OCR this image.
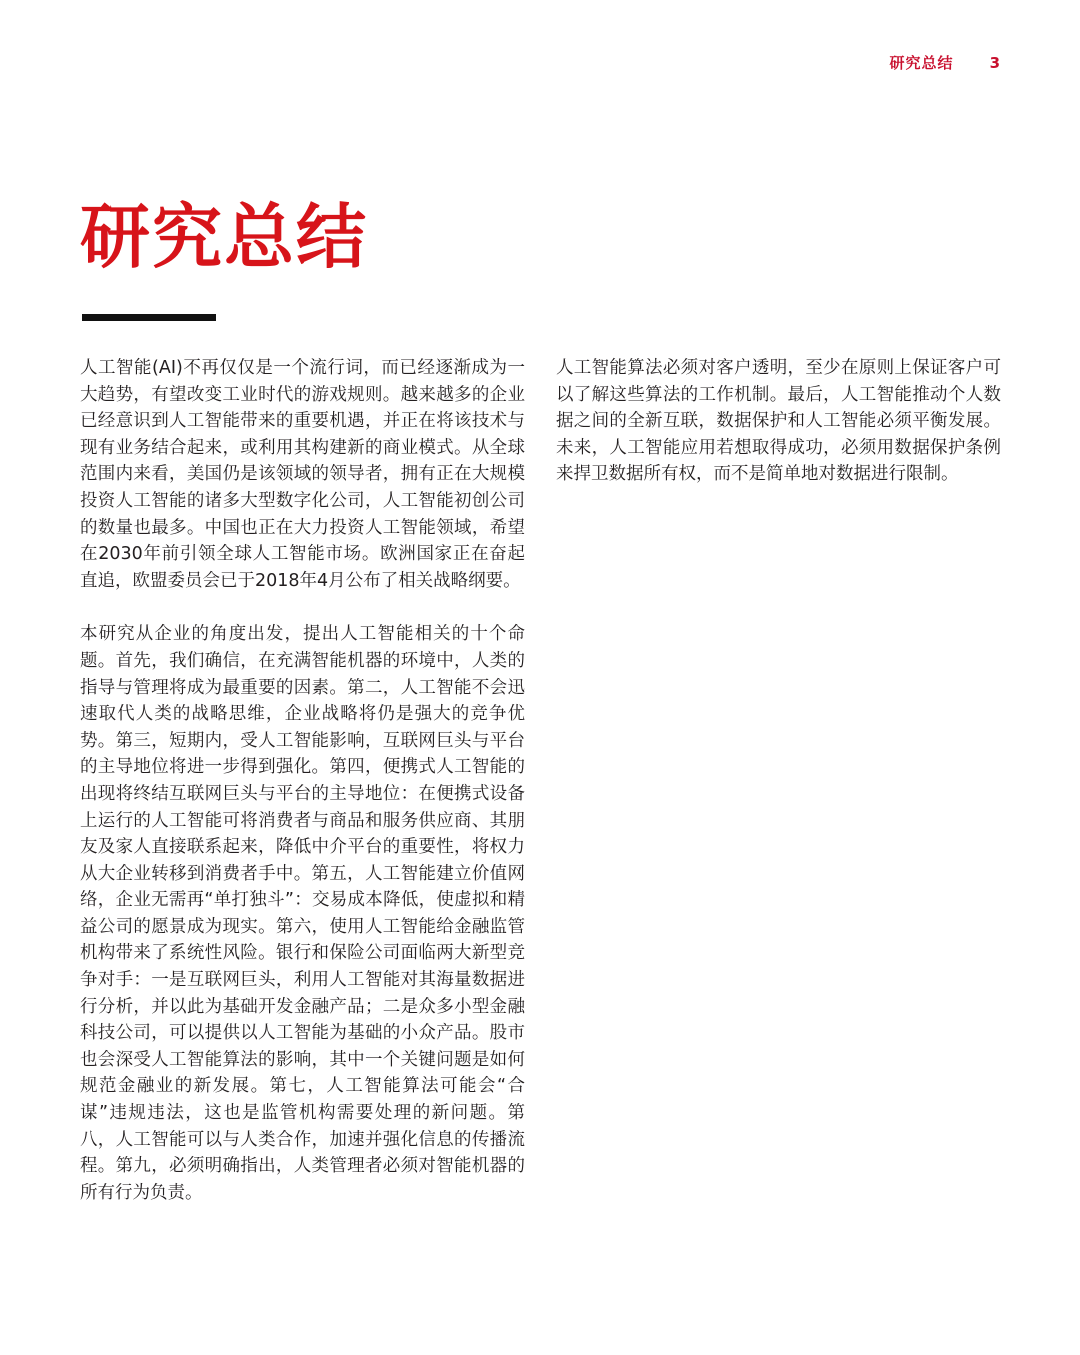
研究总结 3
研究总结

人工智能(AI)不再仅仅是一个流行词，而已经逐渐成为一大趋势，有望改变工业时代的游戏规则。越来越多的企业已经意识到人工智能带来的重要机遇，并正在将该技术与现有业务结合起来，或利用其构建新的商业模式。从全球范围内来看，美国仍是该领域的领导者，拥有正在大规模投资人工智能的诸多大型数字化公司，人工智能初创公司的数量也最多。中国也正在大力投资人工智能领域，希望在2030年前引领全球人工智能市场。欧洲国家正在奋起直追，欧盟委员会已于2018年4月公布了相关战略纲要。

本研究从企业的角度出发，提出人工智能相关的十个命题。首先，我们确信，在充满智能机器的环境中，人类的指导与管理将成为最重要的因素。第二，人工智能不会迅速取代人类的战略思维，企业战略将仍是强大的竞争优势。第三，短期内，受人工智能影响，互联网巨头与平台的主导地位将进一步得到强化。第四，便携式人工智能的出现将终结互联网巨头与平台的主导地位：在便携式设备上运行的人工智能可将消费者与商品和服务供应商、其朋友及家人直接联系起来，降低中介平台的重要性，将权力从大企业转移到消费者手中。第五，人工智能建立价值网络，企业无需再“单打独斗”：交易成本降低，使虚拟和精益公司的愿景成为现实。第六，使用人工智能给金融监管机构带来了系统性风险。银行和保险公司面临两大新型竞争对手：一是互联网巨头，利用人工智能对其海量数据进行分析，并以此为基础开发金融产品；二是众多小型金融科技公司，可以提供以人工智能为基础的小众产品。股市也会深受人工智能算法的影响，其中一个关键问题是如何规范金融业的新发展。第七，人工智能算法可能会“合谋”违规违法，这也是监管机构需要处理的新问题。第八，人工智能可以与人类合作，加速并强化信息的传播流程。第九，必须明确指出，人类管理者必须对智能机器的所有行为负责。

人工智能算法必须对客户透明，至少在原则上保证客户可以了解这些算法的工作机制。最后，人工智能推动个人数据之间的全新互联，数据保护和人工智能必须平衡发展。未来，人工智能应用若想取得成功，必须用数据保护条例来捍卫数据所有权，而不是简单地对数据进行限制。
